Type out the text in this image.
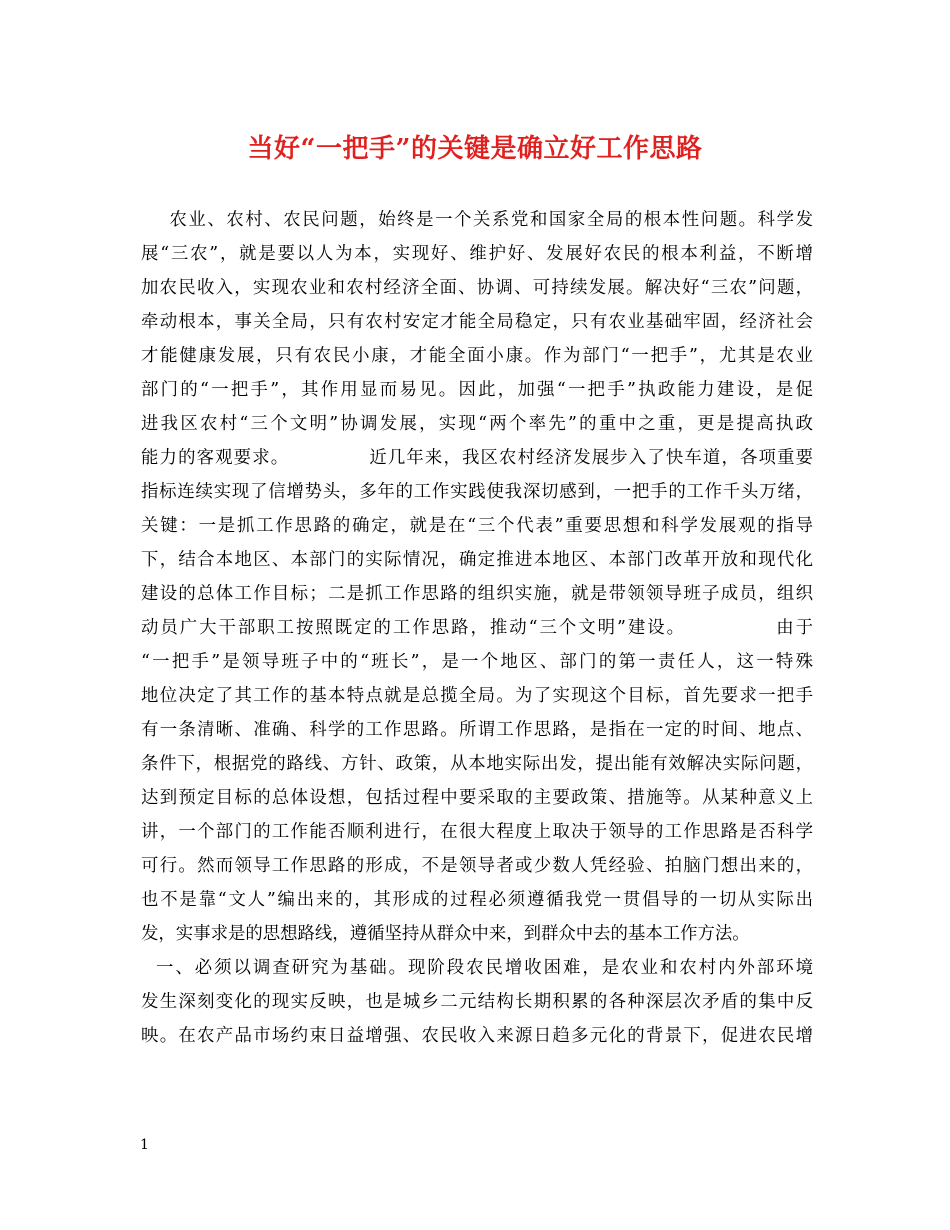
当好“一把手”的关键是确立好工作思路
农业、农村、农民问题，始终是一个关系党和国家全局的根本性问题。科学发
展“三农”，就是要以人为本，实现好、维护好、发展好农民的根本利益，不断增
加农民收入，实现农业和农村经济全面、协调、可持续发展。解决好“三农”问题，
牵动根本，事关全局，只有农村安定才能全局稳定，只有农业基础牢固，经济社会
才能健康发展，只有农民小康，才能全面小康。作为部门“一把手”，尤其是农业
部门的“一把手”，其作用显而易见。因此，加强“一把手”执政能力建设，是促
进我区农村“三个文明”协调发展，实现“两个率先”的重中之重，更是提高执政
能力的客观要求。            近几年来，我区农村经济发展步入了快车道，各项重要
指标连续实现了信增势头，多年的工作实践使我深切感到，一把手的工作千头万绪，
关键：一是抓工作思路的确定，就是在“三个代表”重要思想和科学发展观的指导
下，结合本地区、本部门的实际情况，确定推进本地区、本部门改革开放和现代化
建设的总体工作目标；二是抓工作思路的组织实施，就是带领领导班子成员，组织
动员广大干部职工按照既定的工作思路，推动“三个文明”建设。            由于
“一把手”是领导班子中的“班长”，是一个地区、部门的第一责任人，这一特殊
地位决定了其工作的基本特点就是总揽全局。为了实现这个目标，首先要求一把手
有一条清晰、准确、科学的工作思路。所谓工作思路，是指在一定的时间、地点、
条件下，根据党的路线、方针、政策，从本地实际出发，提出能有效解决实际问题，
达到预定目标的总体设想，包括过程中要采取的主要政策、措施等。从某种意义上
讲，一个部门的工作能否顺利进行，在很大程度上取决于领导的工作思路是否科学
可行。然而领导工作思路的形成，不是领导者或少数人凭经验、拍脑门想出来的，
也不是靠“文人”编出来的，其形成的过程必须遵循我党一贯倡导的一切从实际出
发，实事求是的思想路线，遵循坚持从群众中来，到群众中去的基本工作方法。
一、必须以调查研究为基础。现阶段农民增收困难，是农业和农村内外部环境
发生深刻变化的现实反映，也是城乡二元结构长期积累的各种深层次矛盾的集中反
映。在农产品市场约束日益增强、农民收入来源日趋多元化的背景下，促进农民增
1
